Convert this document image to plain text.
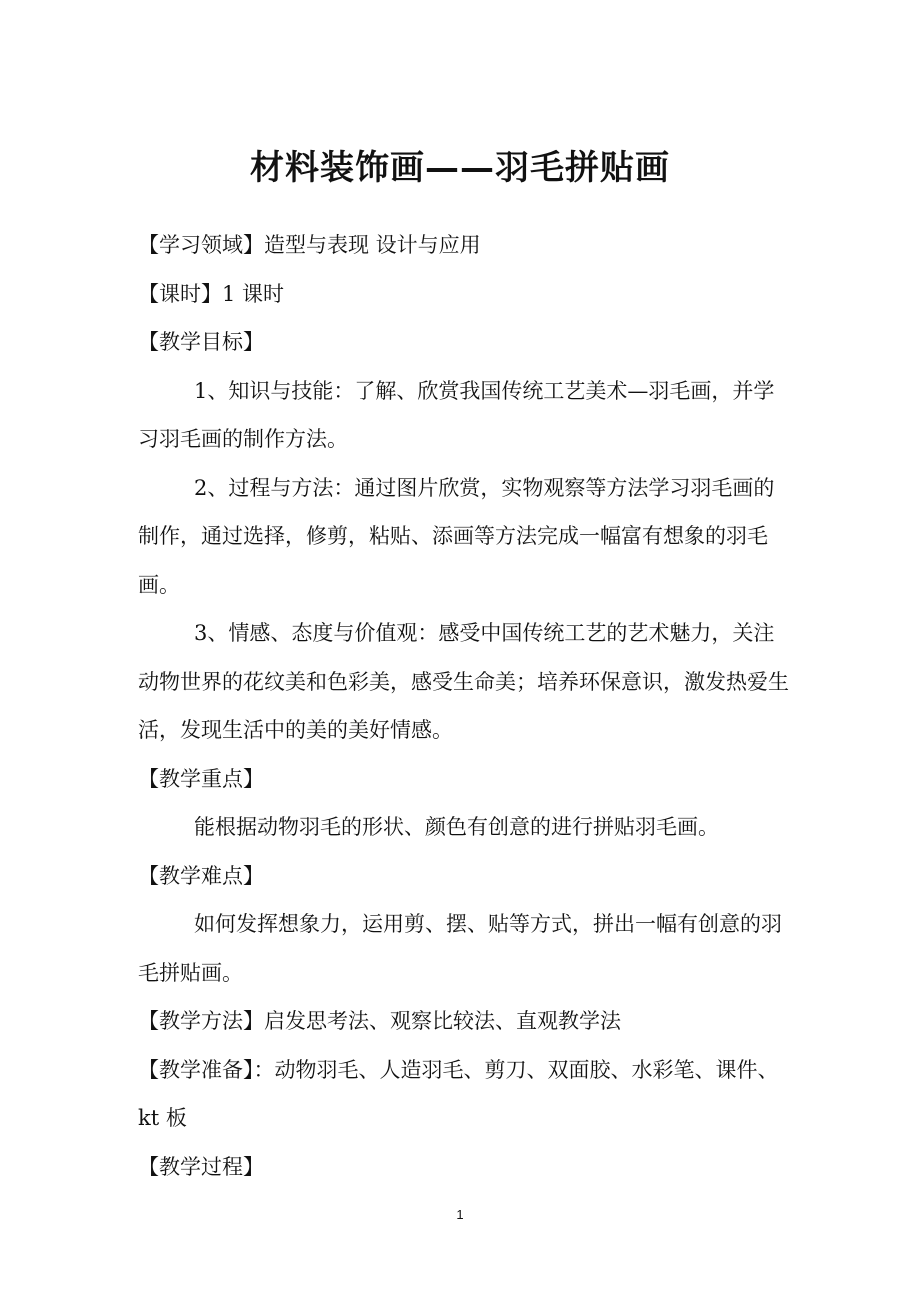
材料装饰画——羽毛拼贴画

【学习领域】造型与表现 设计与应用

【课时】1 课时

【教学目标】

1、知识与技能：了解、欣赏我国传统工艺美术—羽毛画，并学习羽毛画的制作方法。

2、过程与方法：通过图片欣赏，实物观察等方法学习羽毛画的制作，通过选择，修剪，粘贴、添画等方法完成一幅富有想象的羽毛画。

3、情感、态度与价值观：感受中国传统工艺的艺术魅力，关注动物世界的花纹美和色彩美，感受生命美；培养环保意识，激发热爱生活，发现生活中的美的美好情感。

【教学重点】

能根据动物羽毛的形状、颜色有创意的进行拼贴羽毛画。

【教学难点】

如何发挥想象力，运用剪、摆、贴等方式，拼出一幅有创意的羽毛拼贴画。

【教学方法】启发思考法、观察比较法、直观教学法

【教学准备】：动物羽毛、人造羽毛、剪刀、双面胶、水彩笔、课件、kt 板

【教学过程】

1
